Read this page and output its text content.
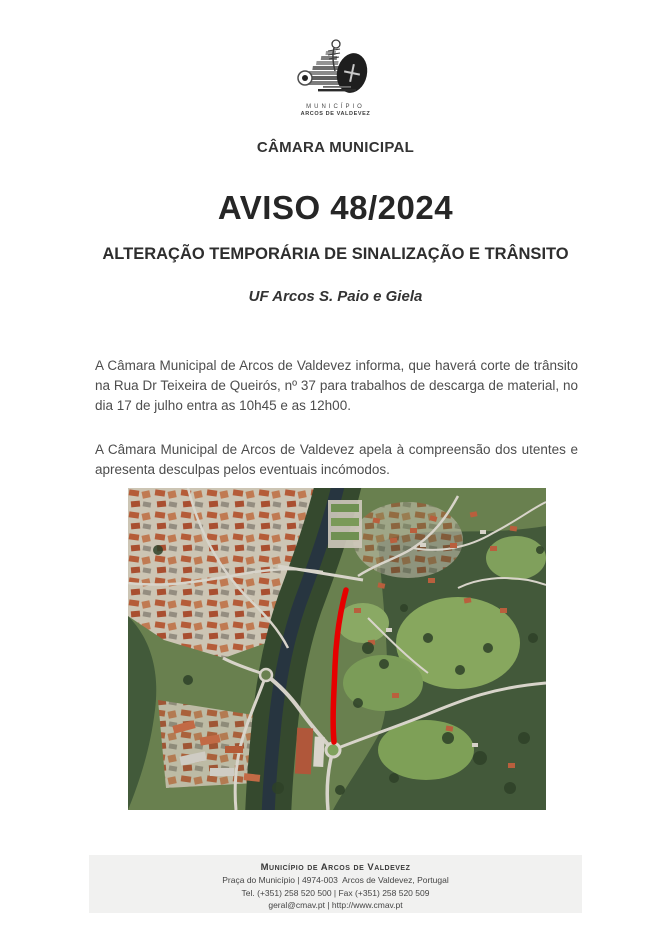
MUNICÍPIO
ARCOS DE VALDEVEZ
CÂMARA MUNICIPAL
AVISO 48/2024
ALTERAÇÃO TEMPORÁRIA DE SINALIZAÇÃO E TRÂNSITO
UF Arcos S. Paio e Giela

A Câmara Municipal de Arcos de Valdevez informa, que haverá corte de trânsito na Rua Dr Teixeira de Queirós, nº 37 para trabalhos de descarga de material, no dia 17 de julho entra as 10h45 e as 12h00.

A Câmara Municipal de Arcos de Valdevez apela à compreensão dos utentes e apresenta desculpas pelos eventuais incómodos.

Município de Arcos de Valdevez
Praça do Município | 4974-003  Arcos de Valdevez, Portugal
Tel. (+351) 258 520 500 | Fax (+351) 258 520 509
geral@cmav.pt | http://www.cmav.pt
